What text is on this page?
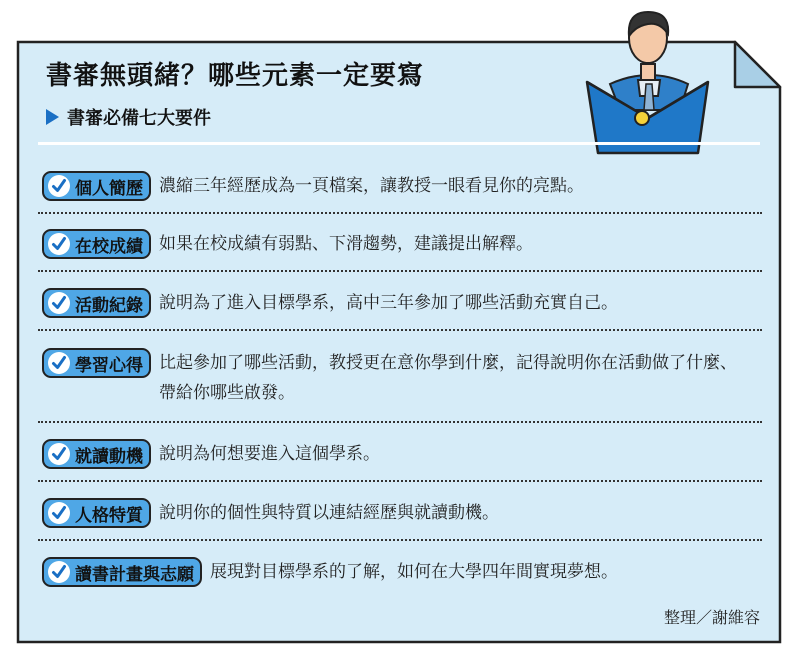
書審無頭緒？哪些元素一定要寫
書審必備七大要件
個人簡歷 濃縮三年經歷成為一頁檔案，讓教授一眼看見你的亮點。
在校成績 如果在校成績有弱點、下滑趨勢，建議提出解釋。
活動紀錄 說明為了進入目標學系，高中三年參加了哪些活動充實自己。
學習心得 比起參加了哪些活動，教授更在意你學到什麼，記得說明你在活動做了什麼、帶給你哪些啟發。
就讀動機 說明為何想要進入這個學系。
人格特質 說明你的個性與特質以連結經歷與就讀動機。
讀書計畫與志願 展現對目標學系的了解，如何在大學四年間實現夢想。
整理／謝維容
